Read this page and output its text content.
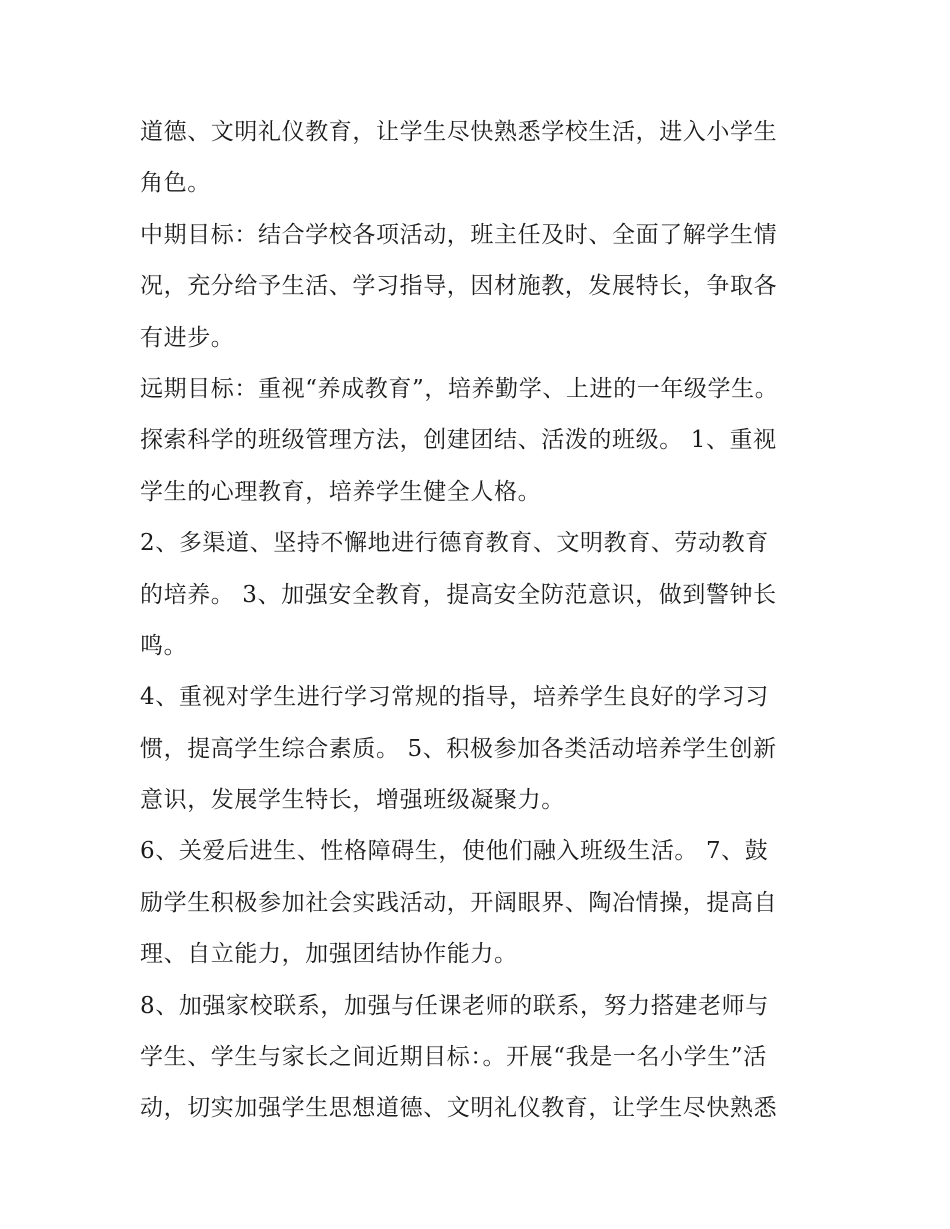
道德、文明礼仪教育，让学生尽快熟悉学校生活，进入小学生
角色。
中期目标：结合学校各项活动，班主任及时、全面了解学生情
况，充分给予生活、学习指导，因材施教，发展特长，争取各
有进步。
远期目标：重视“养成教育”，培养勤学、上进的一年级学生。
探索科学的班级管理方法，创建团结、活泼的班级。 1、重视
学生的心理教育，培养学生健全人格。
2、多渠道、坚持不懈地进行德育教育、文明教育、劳动教育
的培养。 3、加强安全教育，提高安全防范意识，做到警钟长
鸣。
4、重视对学生进行学习常规的指导，培养学生良好的学习习
惯，提高学生综合素质。 5、积极参加各类活动培养学生创新
意识，发展学生特长，增强班级凝聚力。
6、关爱后进生、性格障碍生，使他们融入班级生活。 7、鼓
励学生积极参加社会实践活动，开阔眼界、陶冶情操，提高自
理、自立能力，加强团结协作能力。
8、加强家校联系，加强与任课老师的联系，努力搭建老师与
学生、学生与家长之间近期目标：。开展“我是一名小学生”活
动，切实加强学生思想道德、文明礼仪教育，让学生尽快熟悉
